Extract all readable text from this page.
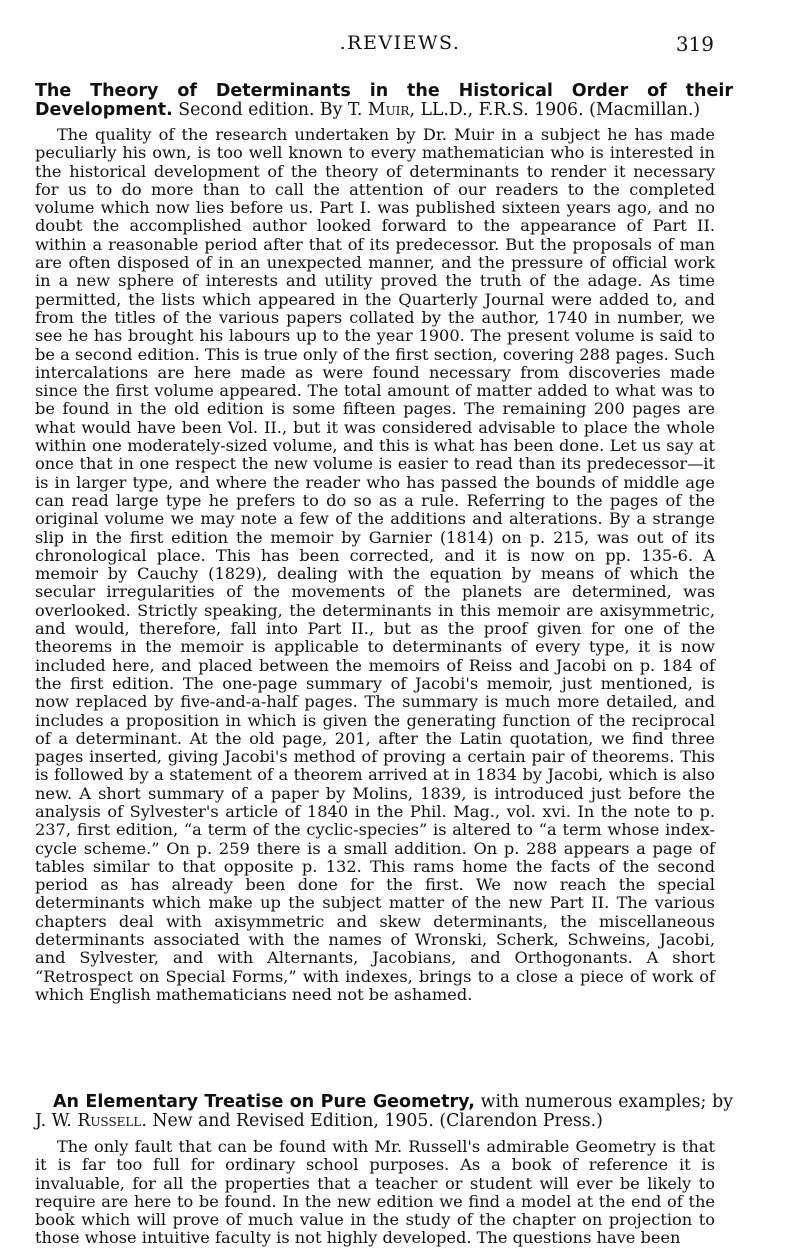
.REVIEWS.	319
The Theory of Determinants in the Historical Order of their Development. Second edition. By T. Muir, LL.D., F.R.S. 1906. (Macmillan.)
The quality of the research undertaken by Dr. Muir in a subject he has made peculiarly his own, is too well known to every mathematician who is interested in the historical development of the theory of determinants to render it necessary for us to do more than to call the attention of our readers to the completed volume which now lies before us. Part I. was published sixteen years ago, and no doubt the accomplished author looked forward to the appearance of Part II. within a reasonable period after that of its predecessor. But the proposals of man are often disposed of in an unexpected manner, and the pressure of official work in a new sphere of interests and utility proved the truth of the adage. As time permitted, the lists which appeared in the Quarterly Journal were added to, and from the titles of the various papers collated by the author, 1740 in number, we see he has brought his labours up to the year 1900. The present volume is said to be a second edition. This is true only of the first section, covering 288 pages. Such intercalations are here made as were found necessary from discoveries made since the first volume appeared. The total amount of matter added to what was to be found in the old edition is some fifteen pages. The remaining 200 pages are what would have been Vol. II., but it was considered advisable to place the whole within one moderately-sized volume, and this is what has been done. Let us say at once that in one respect the new volume is easier to read than its predecessor—it is in larger type, and where the reader who has passed the bounds of middle age can read large type he prefers to do so as a rule. Referring to the pages of the original volume we may note a few of the additions and alterations. By a strange slip in the first edition the memoir by Garnier (1814) on p. 215, was out of its chronological place. This has been corrected, and it is now on pp. 135-6. A memoir by Cauchy (1829), dealing with the equation by means of which the secular irregularities of the movements of the planets are determined, was overlooked. Strictly speaking, the determinants in this memoir are axisymmetric, and would, therefore, fall into Part II., but as the proof given for one of the theorems in the memoir is applicable to determinants of every type, it is now included here, and placed between the memoirs of Reiss and Jacobi on p. 184 of the first edition. The one-page summary of Jacobi's memoir, just mentioned, is now replaced by five-and-a-half pages. The summary is much more detailed, and includes a proposition in which is given the generating function of the reciprocal of a determinant. At the old page, 201, after the Latin quotation, we find three pages inserted, giving Jacobi's method of proving a certain pair of theorems. This is followed by a statement of a theorem arrived at in 1834 by Jacobi, which is also new. A short summary of a paper by Molins, 1839, is introduced just before the analysis of Sylvester's article of 1840 in the Phil. Mag., vol. xvi. In the note to p. 237, first edition, “a term of the cyclic-species” is altered to “a term whose index-cycle scheme.” On p. 259 there is a small addition. On p. 288 appears a page of tables similar to that opposite p. 132. This rams home the facts of the second period as has already been done for the first. We now reach the special determinants which make up the subject matter of the new Part II. The various chapters deal with axisymmetric and skew determinants, the miscellaneous determinants associated with the names of Wronski, Scherk, Schweins, Jacobi, and Sylvester, and with Alternants, Jacobians, and Orthogonants. A short “Retrospect on Special Forms,” with indexes, brings to a close a piece of work of which English mathematicians need not be ashamed.
An Elementary Treatise on Pure Geometry, with numerous examples; by J. W. Russell. New and Revised Edition, 1905. (Clarendon Press.)
The only fault that can be found with Mr. Russell's admirable Geometry is that it is far too full for ordinary school purposes. As a book of reference it is invaluable, for all the properties that a teacher or student will ever be likely to require are here to be found. In the new edition we find a model at the end of the book which will prove of much value in the study of the chapter on projection to those whose intuitive faculty is not highly developed. The questions have been
